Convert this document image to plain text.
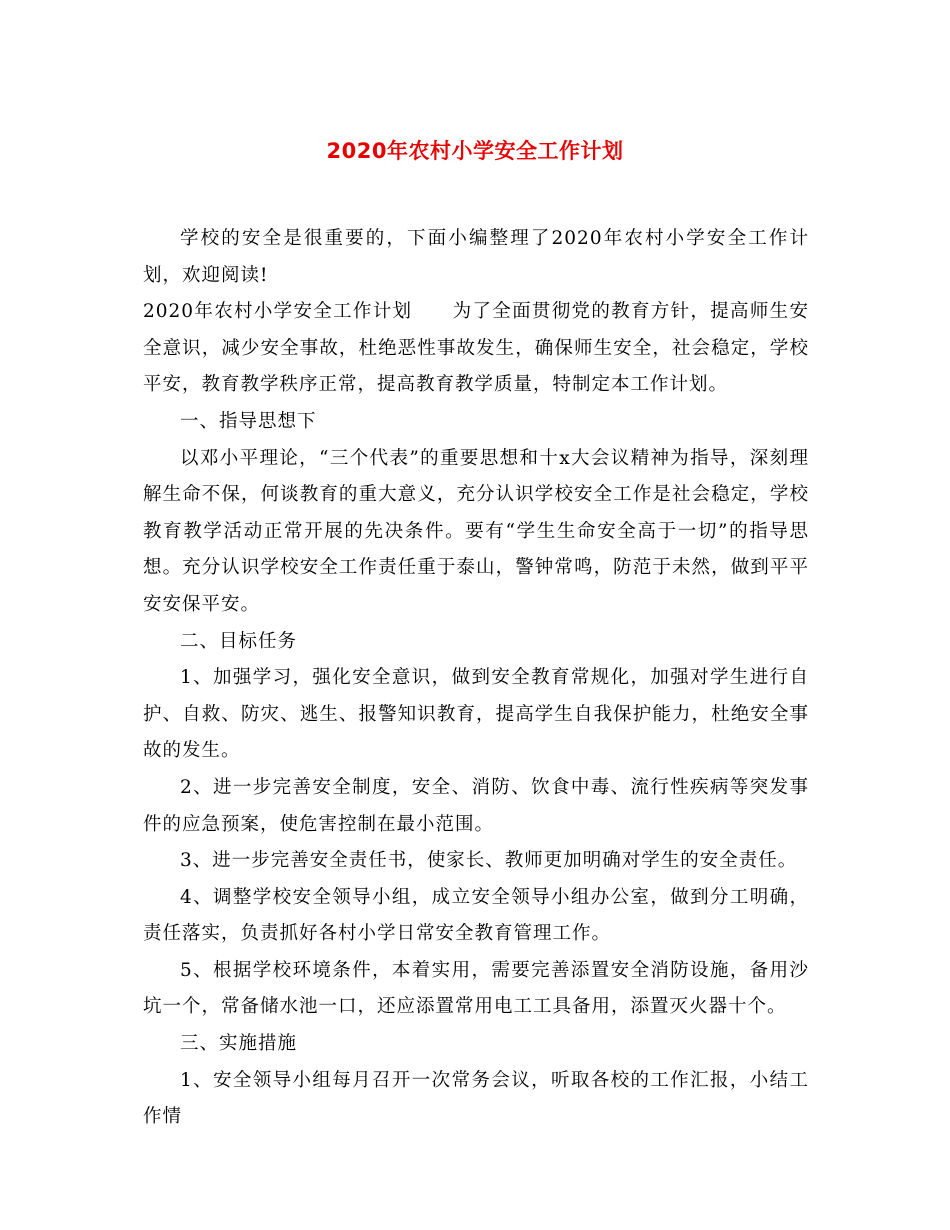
2020年农村小学安全工作计划

学校的安全是很重要的，下面小编整理了2020年农村小学安全工作计划，欢迎阅读!

2020年农村小学安全工作计划 为了全面贯彻党的教育方针，提高师生安全意识，减少安全事故，杜绝恶性事故发生，确保师生安全，社会稳定，学校平安，教育教学秩序正常，提高教育教学质量，特制定本工作计划。

一、指导思想下

以邓小平理论，“三个代表”的重要思想和十x大会议精神为指导，深刻理解生命不保，何谈教育的重大意义，充分认识学校安全工作是社会稳定，学校教育教学活动正常开展的先决条件。要有“学生生命安全高于一切”的指导思想。充分认识学校安全工作责任重于泰山，警钟常鸣，防范于未然，做到平平安安保平安。

二、目标任务

1、加强学习，强化安全意识，做到安全教育常规化，加强对学生进行自护、自救、防灾、逃生、报警知识教育，提高学生自我保护能力，杜绝安全事故的发生。

2、进一步完善安全制度，安全、消防、饮食中毒、流行性疾病等突发事件的应急预案，使危害控制在最小范围。

3、进一步完善安全责任书，使家长、教师更加明确对学生的安全责任。

4、调整学校安全领导小组，成立安全领导小组办公室，做到分工明确，责任落实，负责抓好各村小学日常安全教育管理工作。

5、根据学校环境条件，本着实用，需要完善添置安全消防设施，备用沙坑一个，常备储水池一口，还应添置常用电工工具备用，添置灭火器十个。

三、实施措施

1、安全领导小组每月召开一次常务会议，听取各校的工作汇报，小结工作情
